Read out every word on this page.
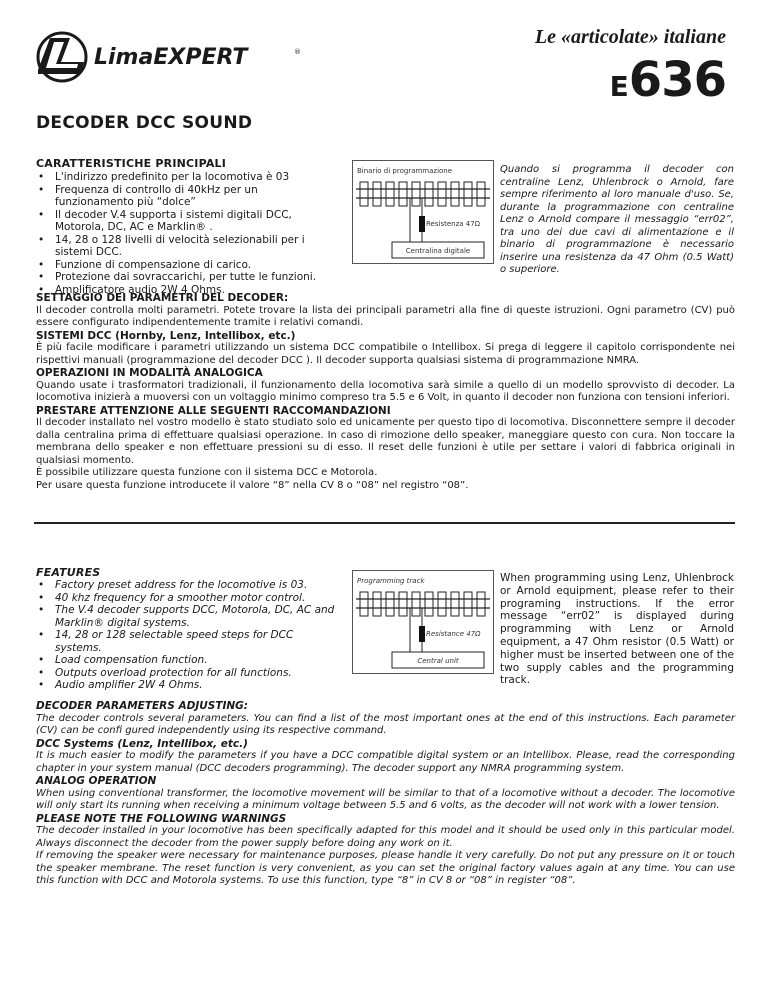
LimaEXPERT	®
Le «articolate» italiane
E636
DECODER DCC SOUND
CARATTERISTICHE PRINCIPALI
• L'indirizzo predefinito per la locomotiva è 03
• Frequenza di controllo di 40kHz per un funzionamento più “dolce”
• Il decoder V.4 supporta i sistemi digitali DCC, Motorola, DC, AC e Marklin® .
• 14, 28 o 128 livelli di velocità selezionabili per i sistemi DCC.
• Funzione di compensazione di carico.
• Protezione dai sovraccarichi, per tutte le funzioni.
• Amplificatore audio 2W 4 Ohms.
Binario di programmazione
Resistenza 47Ω
Centralina digitale
Quando si programma il decoder con centraline Lenz, Uhlenbrock o Arnold, fare sempre riferimento al loro manuale d'uso. Se, durante la programmazione con centraline Lenz o Arnold compare il messaggio “err02”, tra uno dei due cavi di alimentazione e il binario di programmazione è necessario inserire una resistenza da 47 Ohm (0.5 Watt) o superiore.
SETTAGGIO DEI PARAMETRI DEL DECODER:
Il decoder controlla molti parametri. Potete trovare la lista dei principali parametri alla fine di queste istruzioni. Ogni parametro (CV) può essere configurato indipendentemente tramite i relativi comandi.
SISTEMI DCC (Hornby, Lenz, Intellibox, etc.)
È più facile modificare i parametri utilizzando un sistema DCC compatibile o Intellibox. Si prega di leggere il capitolo corrispondente nei rispettivi manuali (programmazione del decoder DCC ). Il decoder supporta qualsiasi sistema di programmazione NMRA.
OPERAZIONI IN MODALITÀ ANALOGICA
Quando usate i trasformatori tradizionali, il funzionamento della locomotiva sarà simile a quello di un modello sprovvisto di decoder. La locomotiva inizierà a muoversi con un voltaggio minimo compreso tra 5.5 e 6 Volt, in quanto il decoder non funziona con tensioni inferiori.
PRESTARE ATTENZIONE ALLE SEGUENTI RACCOMANDAZIONI
Il decoder installato nel vostro modello è stato studiato solo ed unicamente per questo tipo di locomotiva. Disconnettere sempre il decoder dalla centralina prima di effettuare qualsiasi operazione. In caso di rimozione dello speaker, maneggiare questo con cura. Non toccare la membrana dello speaker e non effettuare pressioni su di esso. Il reset delle funzioni è utile per settare i valori di fabbrica originali in qualsiasi momento.
È possibile utilizzare questa funzione con il sistema DCC e Motorola.
Per usare questa funzione introducete il valore “8” nella CV 8 o “08” nel registro “08”.
FEATURES
• Factory preset address for the locomotive is 03.
• 40 khz frequency for a smoother motor control.
• The V.4 decoder supports DCC, Motorola, DC, AC and Marklin® digital systems.
• 14, 28 or 128 selectable speed steps for DCC systems.
• Load compensation function.
• Outputs overload protection for all functions.
• Audio amplifier 2W 4 Ohms.
Programming track
Resistance 47Ω
Central unit
When programming using Lenz, Uhlenbrock or Arnold equipment, please refer to their programing instructions. If the error message “err02” is displayed during programming with Lenz or Arnold equipment, a 47 Ohm resistor (0.5 Watt) or higher must be inserted between one of the two supply cables and the programming track.
DECODER PARAMETERS ADJUSTING:
The decoder controls several parameters. You can find a list of the most important ones at the end of this instructions. Each parameter (CV) can be confi gured independently using its respective command.
DCC Systems (Lenz, Intellibox, etc.)
It is much easier to modify the parameters if you have a DCC compatible digital system or an Intellibox. Please, read the corresponding chapter in your system manual (DCC decoders programming). The decoder support any NMRA programming system.
ANALOG OPERATION
When using conventional transformer, the locomotive movement will be similar to that of a locomotive without a decoder. The locomotive will only start its running when receiving a minimum voltage between 5.5 and 6 volts, as the decoder will not work with a lower tension.
PLEASE NOTE THE FOLLOWING WARNINGS
The decoder installed in your locomotive has been specifically adapted for this model and it should be used only in this particular model. Always disconnect the decoder from the power supply before doing any work on it.
If removing the speaker were necessary for maintenance purposes, please handle it very carefully. Do not put any pressure on it or touch the speaker membrane. The reset function is very convenient, as you can set the original factory values again at any time. You can use this function with DCC and Motorola systems. To use this function, type “8” in CV 8 or “08” in register “08”.
